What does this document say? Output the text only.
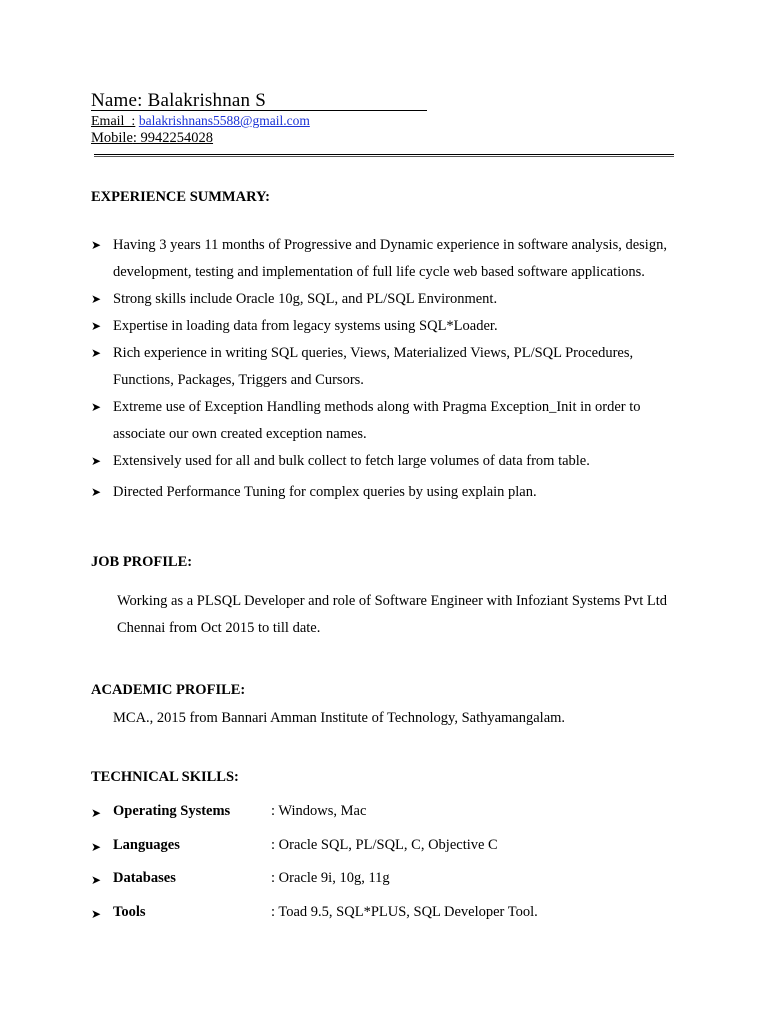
Name: Balakrishnan S
Email  : balakrishnans5588@gmail.com
Mobile: 9942254028
EXPERIENCE SUMMARY:
➤ Having 3 years 11 months of Progressive and Dynamic experience in software analysis, design, development, testing and implementation of full life cycle web based software applications.
➤ Strong skills include Oracle 10g, SQL, and PL/SQL Environment.
➤ Expertise in loading data from legacy systems using SQL*Loader.
➤ Rich experience in writing SQL queries, Views, Materialized Views, PL/SQL Procedures, Functions, Packages, Triggers and Cursors.
➤ Extreme use of Exception Handling methods along with Pragma Exception_Init in order to associate our own created exception names.
➤ Extensively used for all and bulk collect to fetch large volumes of data from table.
➤ Directed Performance Tuning for complex queries by using explain plan.
JOB PROFILE:
Working as a PLSQL Developer and role of Software Engineer with Infoziant Systems Pvt Ltd Chennai from Oct 2015 to till date.
ACADEMIC PROFILE:
MCA., 2015 from Bannari Amman Institute of Technology, Sathyamangalam.
TECHNICAL SKILLS:
➤ Operating Systems	: Windows, Mac
➤ Languages	: Oracle SQL, PL/SQL, C, Objective C
➤ Databases	: Oracle 9i, 10g, 11g
➤ Tools	: Toad 9.5, SQL*PLUS, SQL Developer Tool.
